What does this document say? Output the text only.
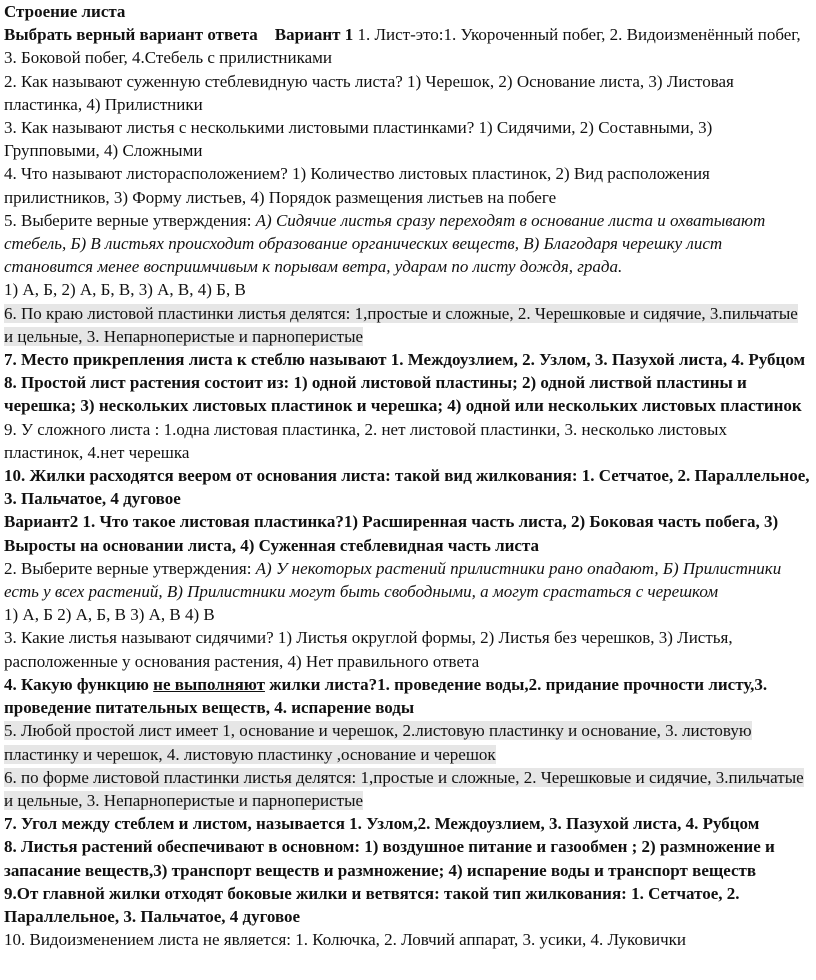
Строение листа

Выбрать верный вариант ответа Вариант 1 1. Лист-это:1. Укороченный побег, 2. Видоизменённый побег, 3. Боковой побег, 4.Стебель с прилистниками

2. Как называют суженную стеблевидную часть листа? 1) Черешок, 2) Основание листа, 3) Листовая пластинка, 4) Прилистники

3. Как называют листья с несколькими листовыми пластинками? 1) Сидячими, 2) Составными, 3) Групповыми, 4) Сложными

4. Что называют листорасположением? 1) Количество листовых пластинок, 2) Вид расположения прилистников, 3) Форму листьев, 4) Порядок размещения листьев на побеге

5. Выберите верные утверждения: А) Сидячие листья сразу переходят в основание листа и охватывают стебель, Б) В листьях происходит образование органических веществ, В) Благодаря черешку лист становится менее восприимчивым к порывам ветра, ударам по листу дождя, града.

1) А, Б, 2) А, Б, В, 3) А, В, 4) Б, В

6. По краю листовой пластинки листья делятся: 1,простые и сложные, 2. Черешковые и сидячие, 3.пильчатые и цельные, 3. Непарноперистые и парноперистые

7. Место прикрепления листа к стеблю называют 1. Междоузлием, 2. Узлом, 3. Пазухой листа, 4. Рубцом

8. Простой лист растения состоит из: 1) одной листовой пластины; 2) одной листвой пластины и черешка; 3) нескольких листовых пластинок и черешка; 4) одной или нескольких листовых пластинок

9. У сложного листа : 1.одна листовая пластинка, 2. нет листовой пластинки, 3. несколько листовых пластинок, 4.нет черешка

10. Жилки расходятся веером от основания листа: такой вид жилкования: 1. Сетчатое, 2. Параллельное, 3. Пальчатое, 4 дуговое

Вариант2 1. Что такое листовая пластинка?1) Расширенная часть листа, 2) Боковая часть побега, 3) Выросты на основании листа, 4) Суженная стеблевидная часть листа

2. Выберите верные утверждения: А) У некоторых растений прилистники рано опадают, Б) Прилистники есть у всех растений, В) Прилистники могут быть свободными, а могут срастаться с черешком

1) А, Б 2) А, Б, В 3) А, В 4) В

3. Какие листья называют сидячими? 1) Листья округлой формы, 2) Листья без черешков, 3) Листья, расположенные у основания растения, 4) Нет правильного ответа

4. Какую функцию не выполняют жилки листа?1. проведение воды,2. придание прочности листу,3. проведение питательных веществ, 4. испарение воды

5. Любой простой лист имеет 1, основание и черешок, 2.листовую пластинку и основание, 3. листовую пластинку и черешок, 4. листовую пластинку ,основание и черешок

6. по форме листовой пластинки листья делятся: 1,простые и сложные, 2. Черешковые и сидячие, 3.пильчатые и цельные, 3. Непарноперистые и парноперистые

7. Угол между стеблем и листом, называется 1. Узлом,2. Междоузлием, 3. Пазухой листа, 4. Рубцом

8. Листья растений обеспечивают в основном: 1) воздушное питание и газообмен ; 2) размножение и запасание веществ,3) транспорт веществ и размножение; 4) испарение воды и транспорт веществ

9.От главной жилки отходят боковые жилки и ветвятся: такой тип жилкования: 1. Сетчатое, 2. Параллельное, 3. Пальчатое, 4 дуговое

10. Видоизменением листа не является: 1. Колючка, 2. Ловчий аппарат, 3. усики, 4. Луковички
